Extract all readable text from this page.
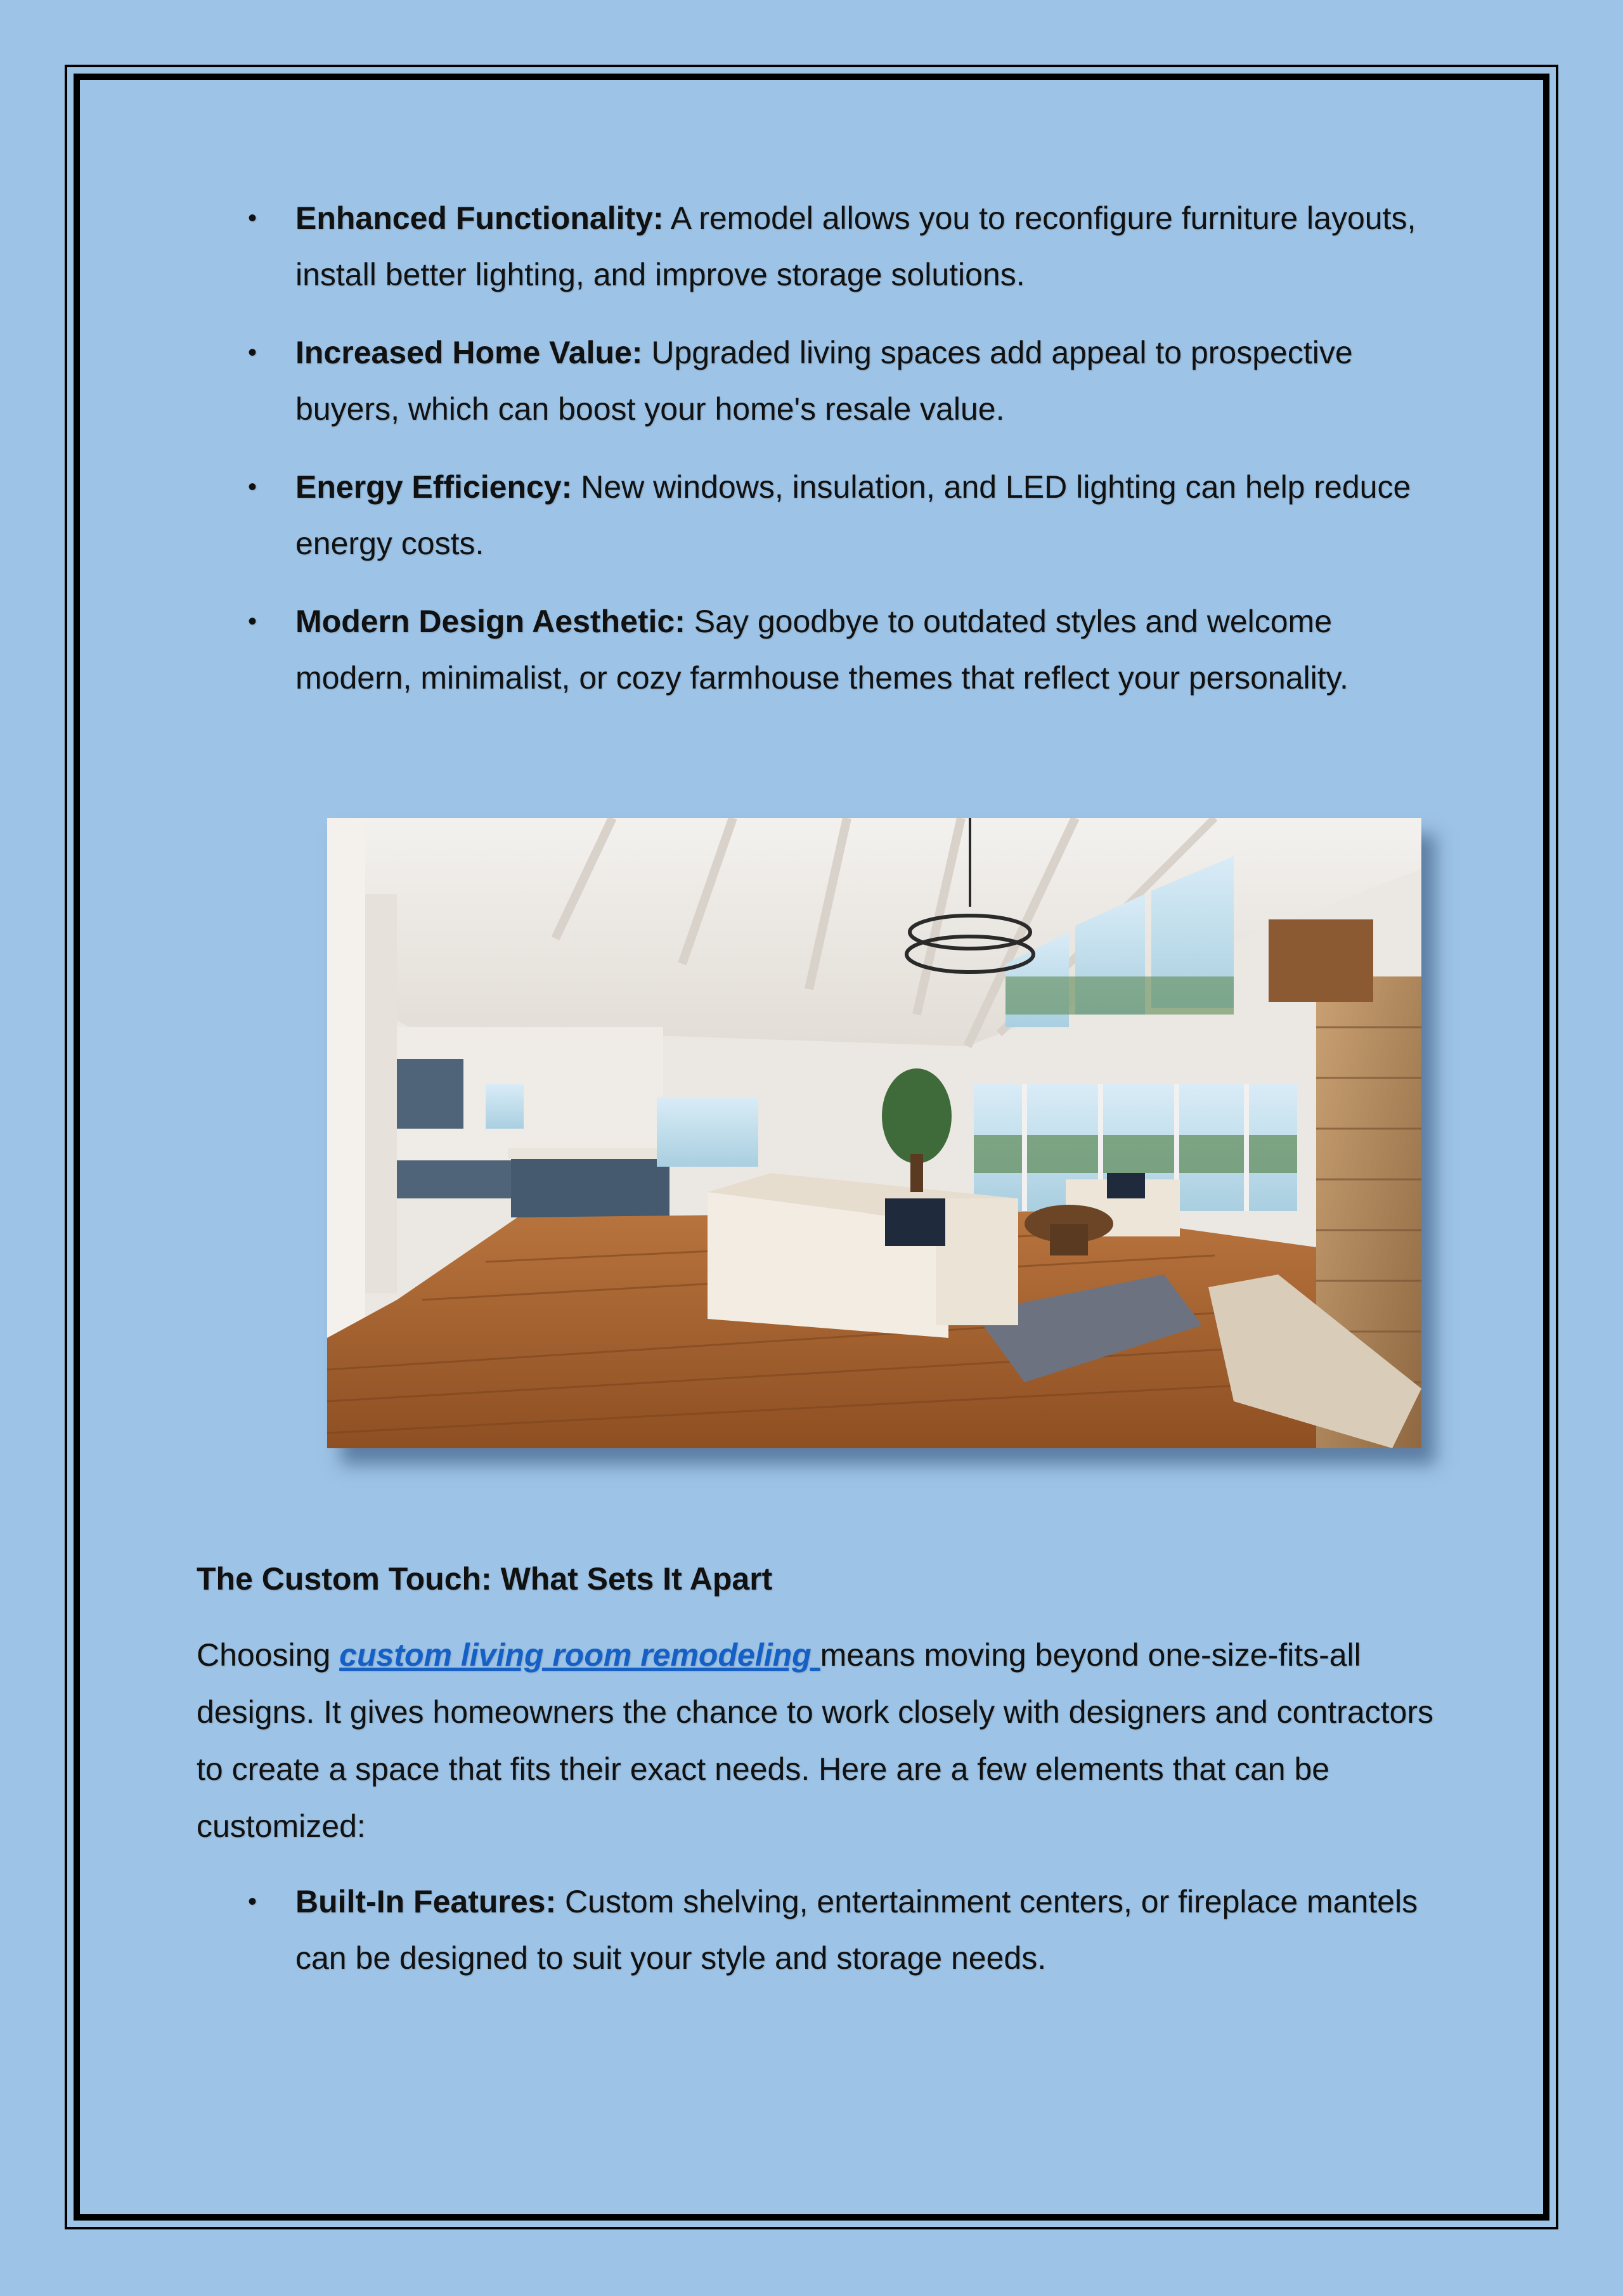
• Enhanced Functionality: A remodel allows you to reconfigure furniture layouts, install better lighting, and improve storage solutions.
• Increased Home Value: Upgraded living spaces add appeal to prospective buyers, which can boost your home's resale value.
• Energy Efficiency: New windows, insulation, and LED lighting can help reduce energy costs.
• Modern Design Aesthetic: Say goodbye to outdated styles and welcome modern, minimalist, or cozy farmhouse themes that reflect your personality.
The Custom Touch: What Sets It Apart

Choosing custom living room remodeling means moving beyond one-size-fits-all designs. It gives homeowners the chance to work closely with designers and contractors to create a space that fits their exact needs. Here are a few elements that can be customized:

• Built-In Features: Custom shelving, entertainment centers, or fireplace mantels can be designed to suit your style and storage needs.
